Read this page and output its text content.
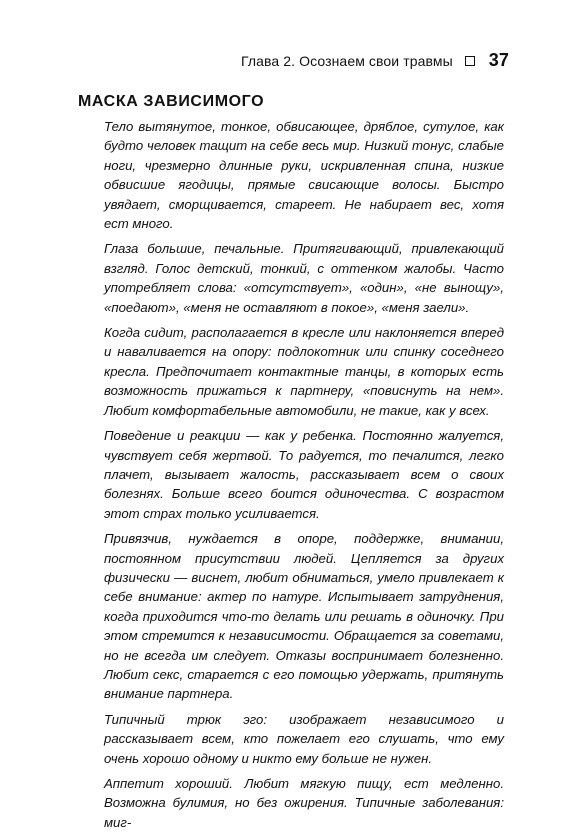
Глава 2. Осознаем свои травмы 37
МАСКА ЗАВИСИМОГО

Тело вытянутое, тонкое, обвисающее, дряблое, сутулое, как будто человек тащит на себе весь мир. Низкий тонус, слабые ноги, чрезмерно длинные руки, искривленная спина, низкие обвисшие ягодицы, прямые свисающие волосы. Быстро увядает, сморщивается, стареет. Не набирает вес, хотя ест много.

Глаза большие, печальные. Притягивающий, привлекающий взгляд. Голос детский, тонкий, с оттенком жалобы. Часто употребляет слова: «отсутствует», «один», «не вынощу», «поедают», «меня не оставляют в покое», «меня заели».

Когда сидит, располагается в кресле или наклоняется вперед и наваливается на опору: подлокотник или спинку соседнего кресла. Предпочитает контактные танцы, в которых есть возможность прижаться к партнеру, «повиснуть на нем». Любит комфортабельные автомобили, не такие, как у всех.

Поведение и реакции — как у ребенка. Постоянно жалуется, чувствует себя жертвой. То радуется, то печалится, легко плачет, вызывает жалость, рассказывает всем о своих болезнях. Больше всего боится одиночества. С возрастом этот страх только усиливается.

Привязчив, нуждается в опоре, поддержке, внимании, постоянном присутствии людей. Цепляется за других физически — виснет, любит обниматься, умело привлекает к себе внимание: актер по натуре. Испытывает затруднения, когда приходится что-то делать или решать в одиночку. При этом стремится к независимости. Обращается за советами, но не всегда им следует. Отказы воспринимает болезненно. Любит секс, старается с его помощью удержать, притянуть внимание партнера.

Типичный трюк эго: изображает независимого и рассказывает всем, кто пожелает его слушать, что ему очень хорошо одному и никто ему больше не нужен.

Аппетит хороший. Любит мягкую пищу, ест медленно. Возможна булимия, но без ожирения. Типичные заболевания: миг-
